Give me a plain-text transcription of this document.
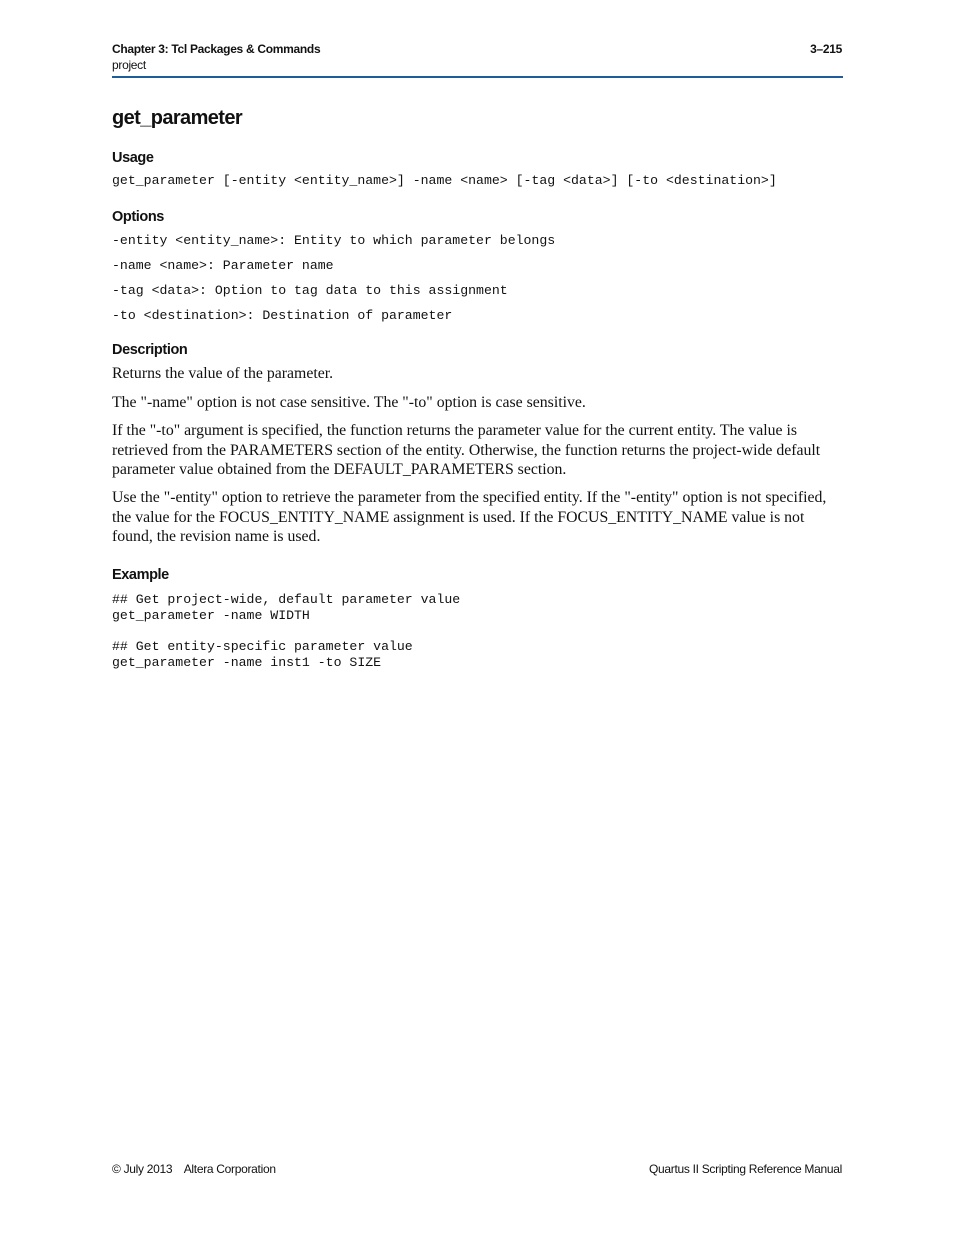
Chapter 3: Tcl Packages & Commands	3–215
project
get_parameter
Usage
get_parameter [-entity <entity_name>] -name <name> [-tag <data>] [-to <destination>]
Options
-entity <entity_name>: Entity to which parameter belongs
-name <name>: Parameter name
-tag <data>: Option to tag data to this assignment
-to <destination>: Destination of parameter
Description

Returns the value of the parameter.

The "-name" option is not case sensitive. The "-to" option is case sensitive.

If the "-to" argument is specified, the function returns the parameter value for the current entity. The value is retrieved from the PARAMETERS section of the entity. Otherwise, the function returns the project-wide default parameter value obtained from the DEFAULT_PARAMETERS section.

Use the "-entity" option to retrieve the parameter from the specified entity. If the "-entity" option is not specified, the value for the FOCUS_ENTITY_NAME assignment is used. If the FOCUS_ENTITY_NAME value is not found, the revision name is used.

Example
## Get project-wide, default parameter value
get_parameter -name WIDTH
## Get entity-specific parameter value
get_parameter -name inst1 -to SIZE
© July 2013    Altera Corporation	Quartus II Scripting Reference Manual
